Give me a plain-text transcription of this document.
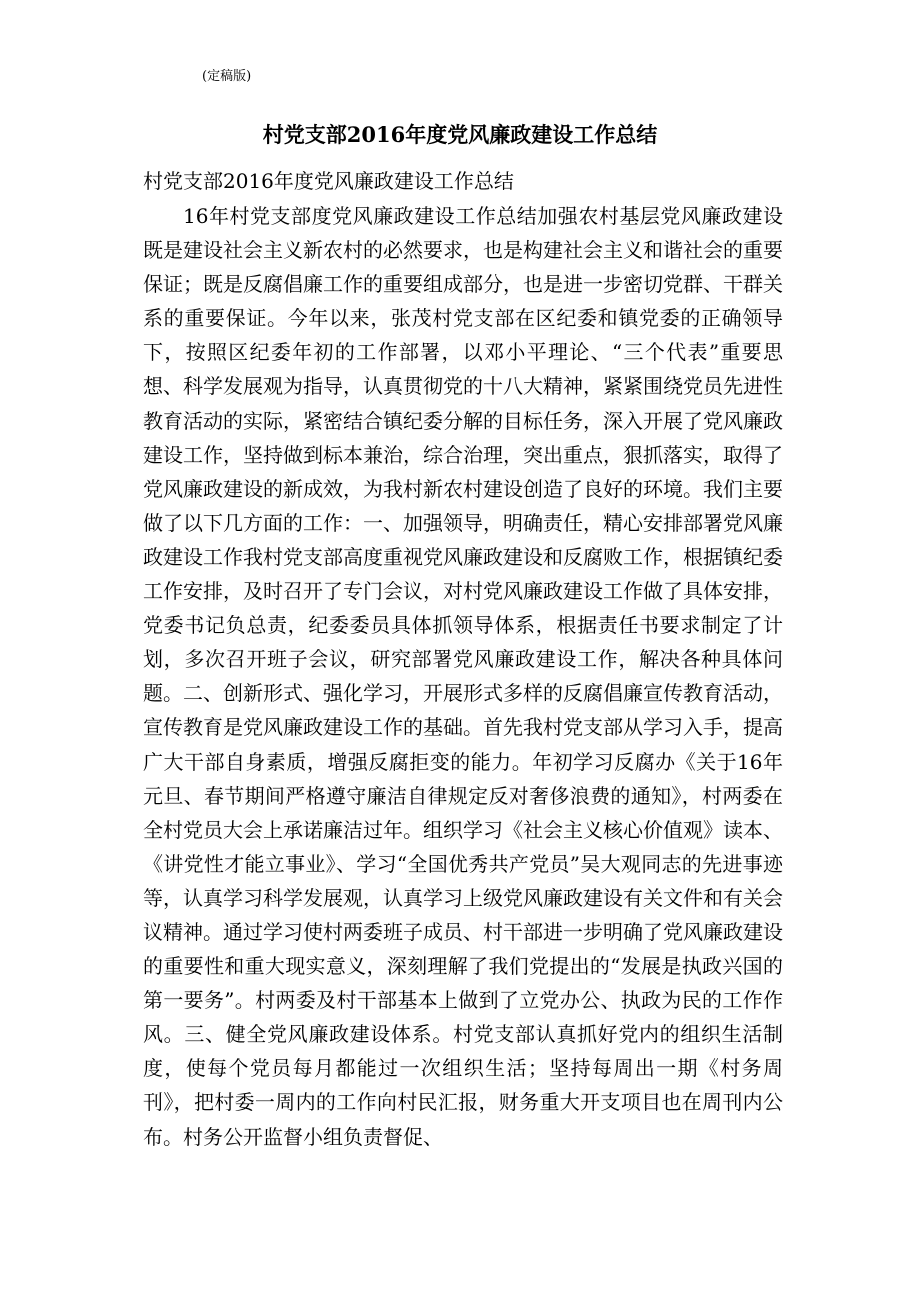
(定稿版)
村党支部2016年度党风廉政建设工作总结
村党支部2016年度党风廉政建设工作总结

16年村党支部度党风廉政建设工作总结加强农村基层党风廉政建设既是建设社会主义新农村的必然要求，也是构建社会主义和谐社会的重要保证；既是反腐倡廉工作的重要组成部分，也是进一步密切党群、干群关系的重要保证。今年以来，张茂村党支部在区纪委和镇党委的正确领导下，按照区纪委年初的工作部署，以邓小平理论、“三个代表”重要思想、科学发展观为指导，认真贯彻党的十八大精神，紧紧围绕党员先进性教育活动的实际，紧密结合镇纪委分解的目标任务，深入开展了党风廉政建设工作，坚持做到标本兼治，综合治理，突出重点，狠抓落实，取得了党风廉政建设的新成效，为我村新农村建设创造了良好的环境。我们主要做了以下几方面的工作：一、加强领导，明确责任，精心安排部署党风廉政建设工作我村党支部高度重视党风廉政建设和反腐败工作，根据镇纪委工作安排，及时召开了专门会议，对村党风廉政建设工作做了具体安排，党委书记负总责，纪委委员具体抓领导体系，根据责任书要求制定了计划，多次召开班子会议，研究部署党风廉政建设工作，解决各种具体问题。二、创新形式、强化学习，开展形式多样的反腐倡廉宣传教育活动，宣传教育是党风廉政建设工作的基础。首先我村党支部从学习入手，提高广大干部自身素质，增强反腐拒变的能力。年初学习反腐办《关于16年元旦、春节期间严格遵守廉洁自律规定反对奢侈浪费的通知》，村两委在全村党员大会上承诺廉洁过年。组织学习《社会主义核心价值观》读本、《讲党性才能立事业》、学习“全国优秀共产党员”吴大观同志的先进事迹等，认真学习科学发展观，认真学习上级党风廉政建设有关文件和有关会议精神。通过学习使村两委班子成员、村干部进一步明确了党风廉政建设的重要性和重大现实意义，深刻理解了我们党提出的“发展是执政兴国的第一要务”。村两委及村干部基本上做到了立党办公、执政为民的工作作风。三、健全党风廉政建设体系。村党支部认真抓好党内的组织生活制度，使每个党员每月都能过一次组织生活；坚持每周出一期《村务周刊》，把村委一周内的工作向村民汇报，财务重大开支项目也在周刊内公布。村务公开监督小组负责督促、
